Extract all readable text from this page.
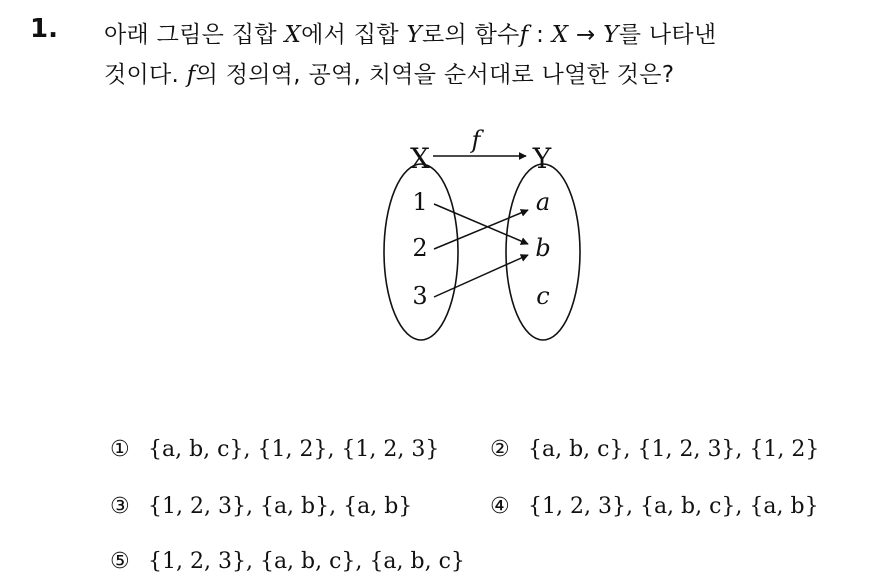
1. 아래 그림은 집합 X에서 집합 Y로의 함수f : X → Y를 나타낸
것이다. f의 정의역, 공역, 치역을 순서대로 나열한 것은?
f
X	Y
1
2
3
a
b
c
① {a, b, c}, {1, 2}, {1, 2, 3} ② {a, b, c}, {1, 2, 3}, {1, 2}
③ {1, 2, 3}, {a, b}, {a, b}	④ {1, 2, 3}, {a, b, c}, {a, b}
⑤ {1, 2, 3}, {a, b, c}, {a, b, c}
